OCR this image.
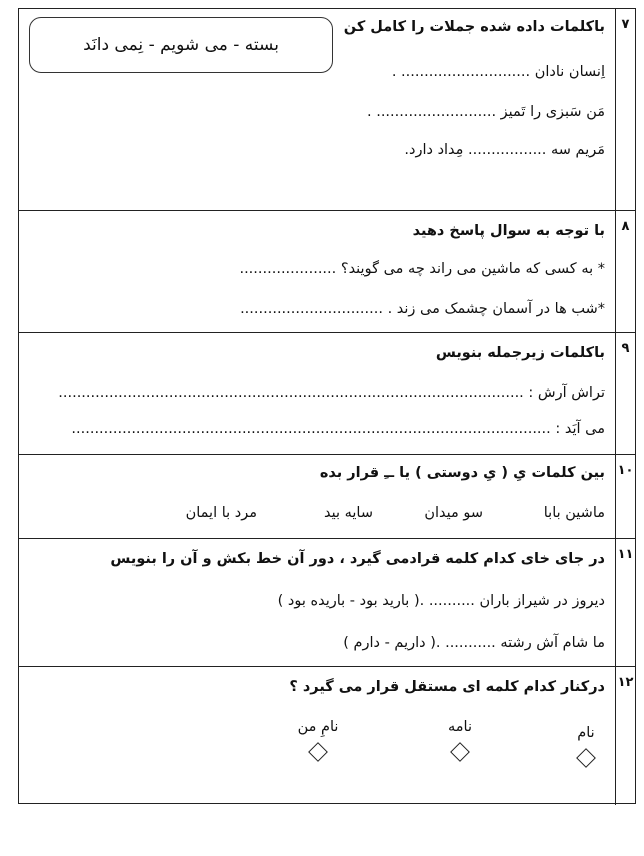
۷
باکلمات داده شده جملات را کامل کن
بسته - می شویم - نِمی دانَد
اِنسان نادان ............................ .
مَن سَبزی را تَمیز .......................... .
مَریم سه ................. مِداد دارد.
۸
با توجه به سوال پاسخ دهید
* به کسی که ماشین می راند چه می گویند؟ .....................
*شب ها در آسمان چشمک می زند . ...............................
۹
باکلمات زیرجمله بنویس
تراش آرش : .....................................................................................................
می آیَد : ........................................................................................................
۱۰
بین کلمات یِ ( یِ دوستی ) یا ــِ قرار بده
ماشین بابا
سو میدان
سایه بید
مرد با ایمان
۱۱
در جای خای کدام کلمه قرادمی گیرد ، دور آن خط بکش و آن را بنویس
دیروز در شیراز باران .......... .( بارید بود - باریده بود )
ما شام آش رشته ........... .( داریم - دارم )
۱۲
درکنار کدام کلمه ای مستقل قرار می گیرد ؟
نام
نامه
نامِ من
